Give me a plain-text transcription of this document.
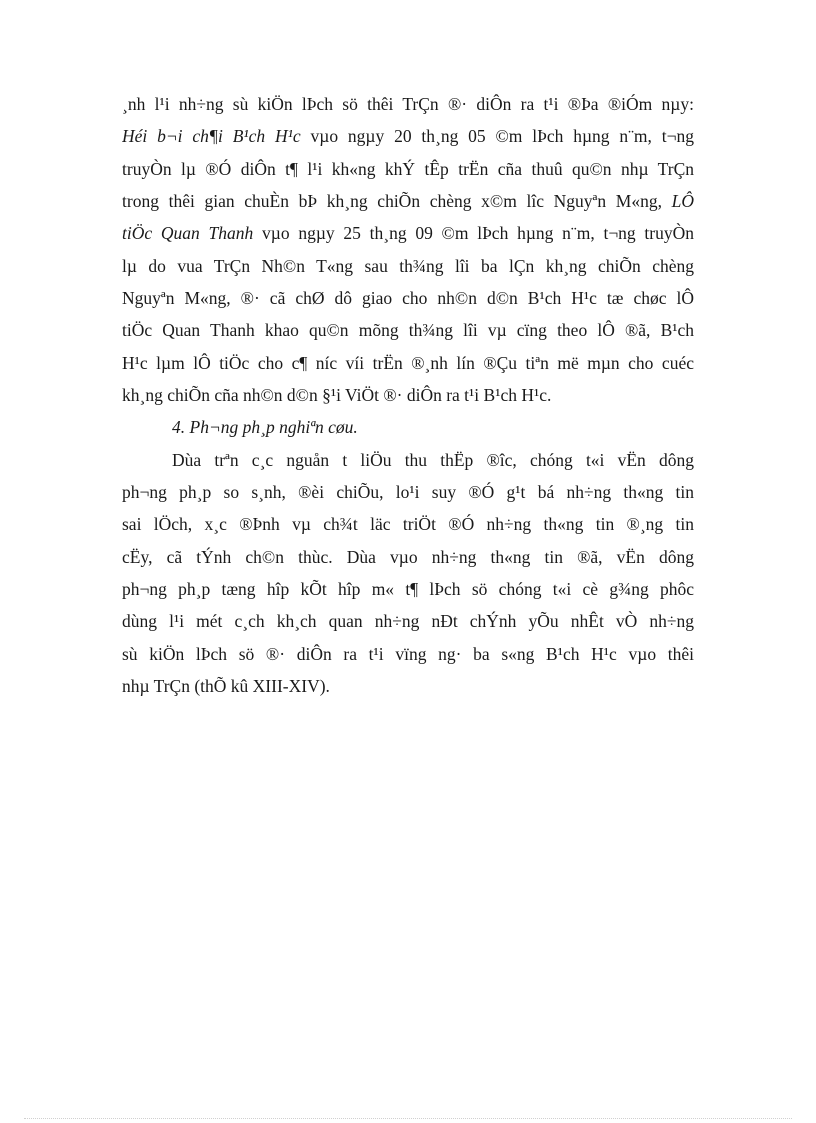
¸nh l¹i nh÷ng sù kiÖn lÞch sö thêi TrÇn ®· diÔn ra t¹i ®Þa ®iÓm nµy:
Héi b¬i ch¶i B¹ch H¹c vµo ngµy 20 th¸ng 05 ©m lÞch hµng n¨m, t¬ng
truyÒn lµ ®Ó diÔn t¶ l¹i kh«ng khÝ tÊp trËn cña thuû qu©n nhµ TrÇn
trong thêi gian chuÈn bÞ kh¸ng chiÕn chèng x©m lîc Nguyªn M«ng, LÔ
tiÖc Quan Thanh vµo ngµy 25 th¸ng 09 ©m lÞch hµng n¨m, t¬ng truyÒn
lµ do vua TrÇn Nh©n T«ng sau th¾ng lîi ba lÇn kh¸ng chiÕn chèng
Nguyªn M«ng, ®· cã chØ dô giao cho nh©n d©n B¹ch H¹c tæ chøc lÔ
tiÖc Quan Thanh khao qu©n mõng th¾ng lîi vµ cïng theo lÔ ®ã, B¹ch
H¹c lµm lÔ tiÖc cho c¶ níc víi trËn ®¸nh lín ®Çu tiªn më mµn cho cuéc
kh¸ng chiÕn cña nh©n d©n §¹i ViÖt ®· diÔn ra t¹i B¹ch H¹c.
4. Ph¬ng ph¸p nghiªn cøu.
Dùa trªn c¸c nguån t liÖu thu thËp ®îc, chóng t«i vËn dông
ph¬ng ph¸p so s¸nh, ®èi chiÕu, lo¹i suy ®Ó g¹t bá nh÷ng th«ng tin
sai lÖch, x¸c ®Þnh vµ ch¾t läc triÖt ®Ó nh÷ng th«ng tin ®¸ng tin
cËy, cã tÝnh ch©n thùc. Dùa vµo nh÷ng th«ng tin ®ã, vËn dông
ph¬ng ph¸p tæng hîp kÕt hîp m« t¶ lÞch sö chóng t«i cè g¾ng phôc
dùng l¹i mét c¸ch kh¸ch quan nh÷ng nÐt chÝnh yÕu nhÊt vÒ nh÷ng
sù kiÖn lÞch sö ®· diÔn ra t¹i vïng ng· ba s«ng B¹ch H¹c vµo thêi
nhµ TrÇn (thÕ kû XIII-XIV).
